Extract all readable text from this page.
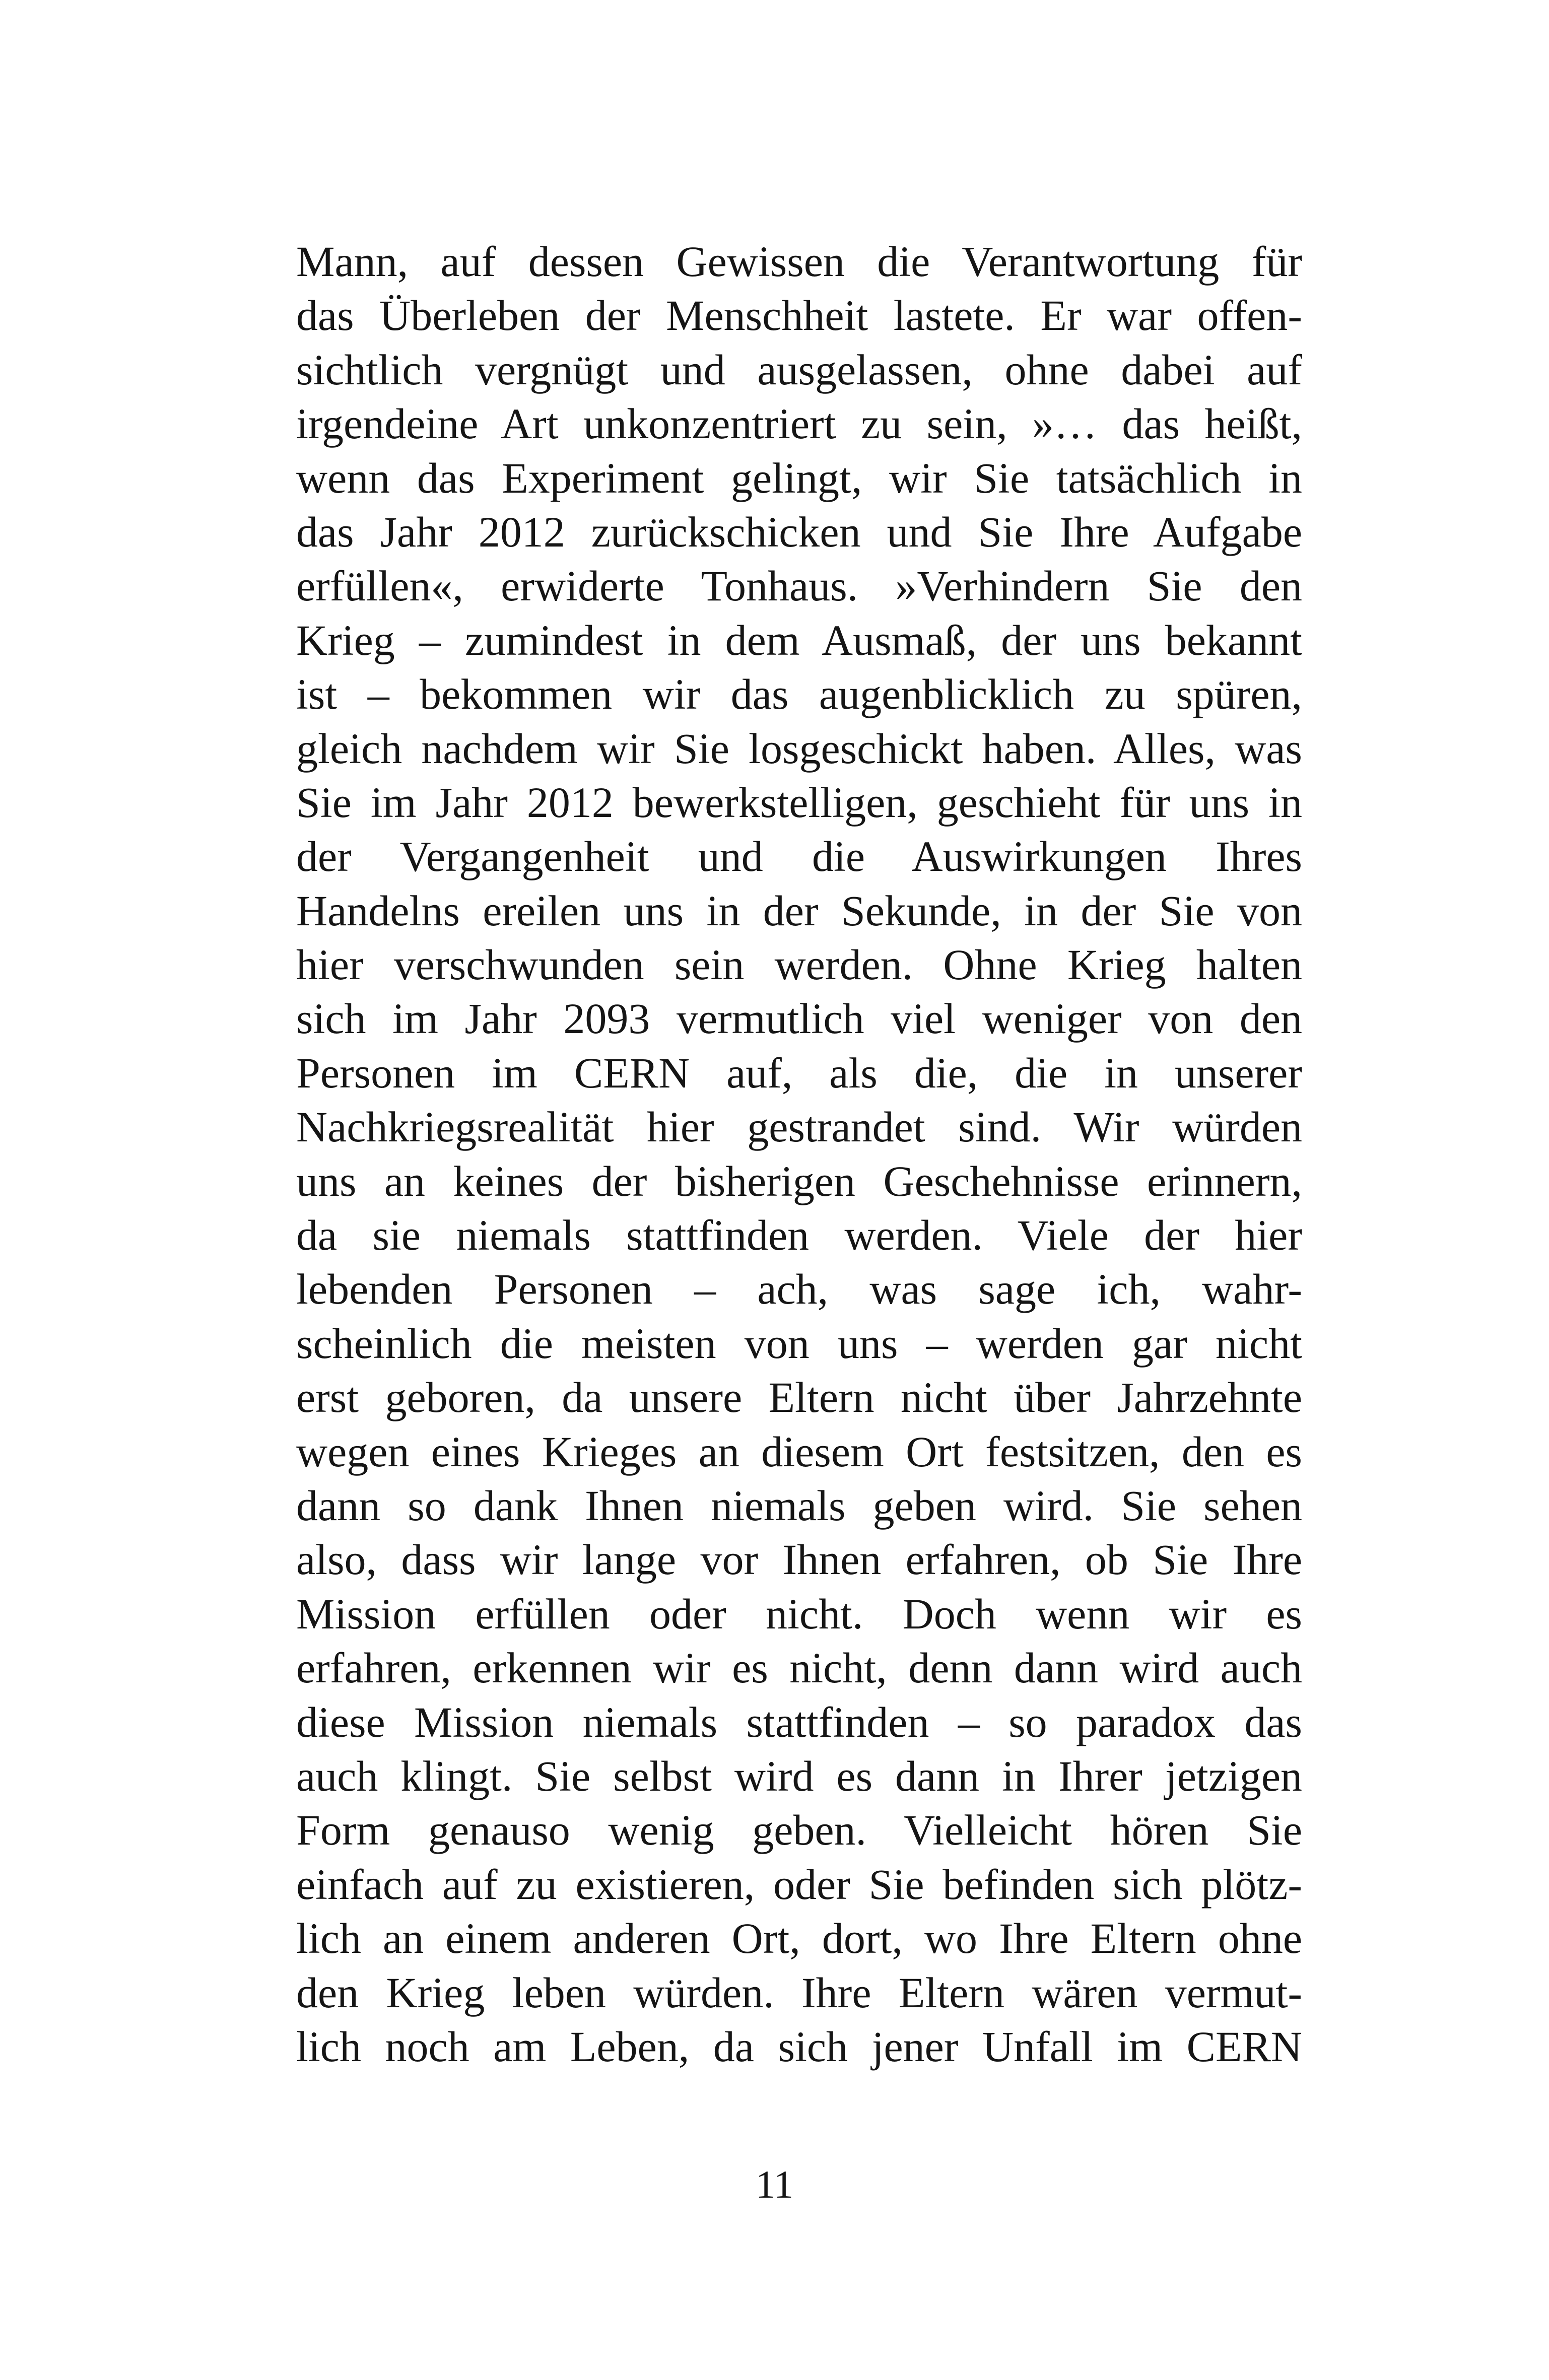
Mann, auf dessen Gewissen die Verantwortung für
das Überleben der Menschheit lastete. Er war offen-
sichtlich vergnügt und ausgelassen, ohne dabei auf
irgendeine Art unkonzentriert zu sein, »… das heißt,
wenn das Experiment gelingt, wir Sie tatsächlich in
das Jahr 2012 zurückschicken und Sie Ihre Aufgabe
erfüllen«, erwiderte Tonhaus. »Verhindern Sie den
Krieg – zumindest in dem Ausmaß, der uns bekannt
ist – bekommen wir das augenblicklich zu spüren,
gleich nachdem wir Sie losgeschickt haben. Alles, was
Sie im Jahr 2012 bewerkstelligen, geschieht für uns in
der Vergangenheit und die Auswirkungen Ihres
Handelns ereilen uns in der Sekunde, in der Sie von
hier verschwunden sein werden. Ohne Krieg halten
sich im Jahr 2093 vermutlich viel weniger von den
Personen im CERN auf, als die, die in unserer
Nachkriegsrealität hier gestrandet sind. Wir würden
uns an keines der bisherigen Geschehnisse erinnern,
da sie niemals stattfinden werden. Viele der hier
lebenden Personen – ach, was sage ich, wahr-
scheinlich die meisten von uns – werden gar nicht
erst geboren, da unsere Eltern nicht über Jahrzehnte
wegen eines Krieges an diesem Ort festsitzen, den es
dann so dank Ihnen niemals geben wird. Sie sehen
also, dass wir lange vor Ihnen erfahren, ob Sie Ihre
Mission erfüllen oder nicht. Doch wenn wir es
erfahren, erkennen wir es nicht, denn dann wird auch
diese Mission niemals stattfinden – so paradox das
auch klingt. Sie selbst wird es dann in Ihrer jetzigen
Form genauso wenig geben. Vielleicht hören Sie
einfach auf zu existieren, oder Sie befinden sich plötz-
lich an einem anderen Ort, dort, wo Ihre Eltern ohne
den Krieg leben würden. Ihre Eltern wären vermut-
lich noch am Leben, da sich jener Unfall im CERN
11
